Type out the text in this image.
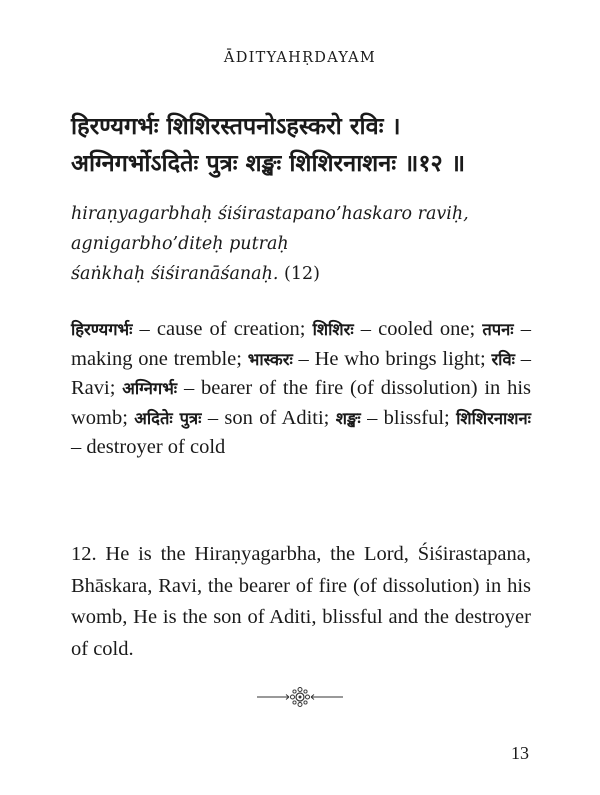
ĀDITYAHṚDAYAM
हिरण्यगर्भः शिशिरस्तपनोऽहस्करो रविः ।
अग्निगर्भोऽदितेः पुत्रः शङ्खः शिशिरनाशनः ॥१२ ॥
hiraṇyagarbhaḥ śiśirastapano’haskaro raviḥ,
agnigarbho’diteḥ putraḥ
śaṅkhaḥ śiśiranāśanaḥ. (12)
हिरण्यगर्भः – cause of creation; शिशिरः – cooled one; तपनः – making one tremble; भास्करः – He who brings light; रविः – Ravi; अग्निगर्भः – bearer of the fire (of dissolution) in his womb; अदितेः पुत्रः – son of Aditi; शङ्खः – blissful; शिशिरनाशनः – destroyer of cold
12. He is the Hiraṇyagarbha, the Lord, Śiśirastapana, Bhāskara, Ravi, the bearer of fire (of dissolution) in his womb, He is the son of Aditi, blissful and the destroyer of cold.
13
